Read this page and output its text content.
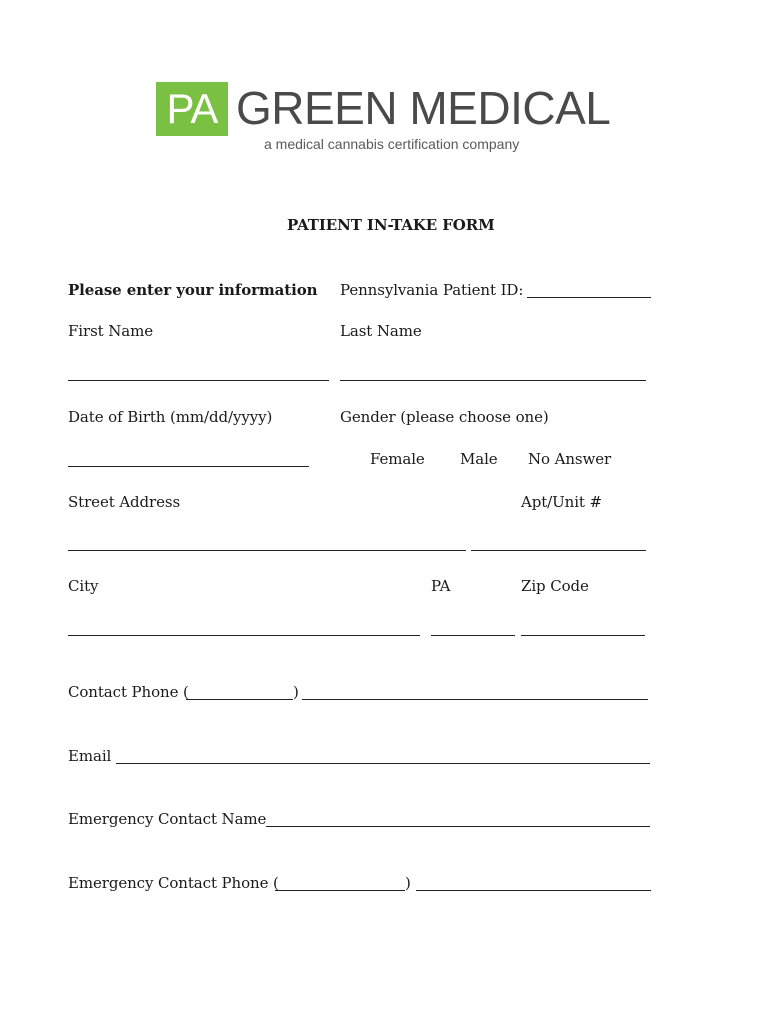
PA GREEN MEDICAL
a medical cannabis certification company
PATIENT IN-TAKE FORM
Please enter your information Pennsylvania Patient ID:
First Name	Last Name
Date of Birth (mm/dd/yyyy)	Gender (please choose one)
Female Male No Answer
Street Address	Apt/Unit #
City	PA	Zip Code
Contact Phone (	)
Email
Emergency Contact Name
Emergency Contact Phone (	)
